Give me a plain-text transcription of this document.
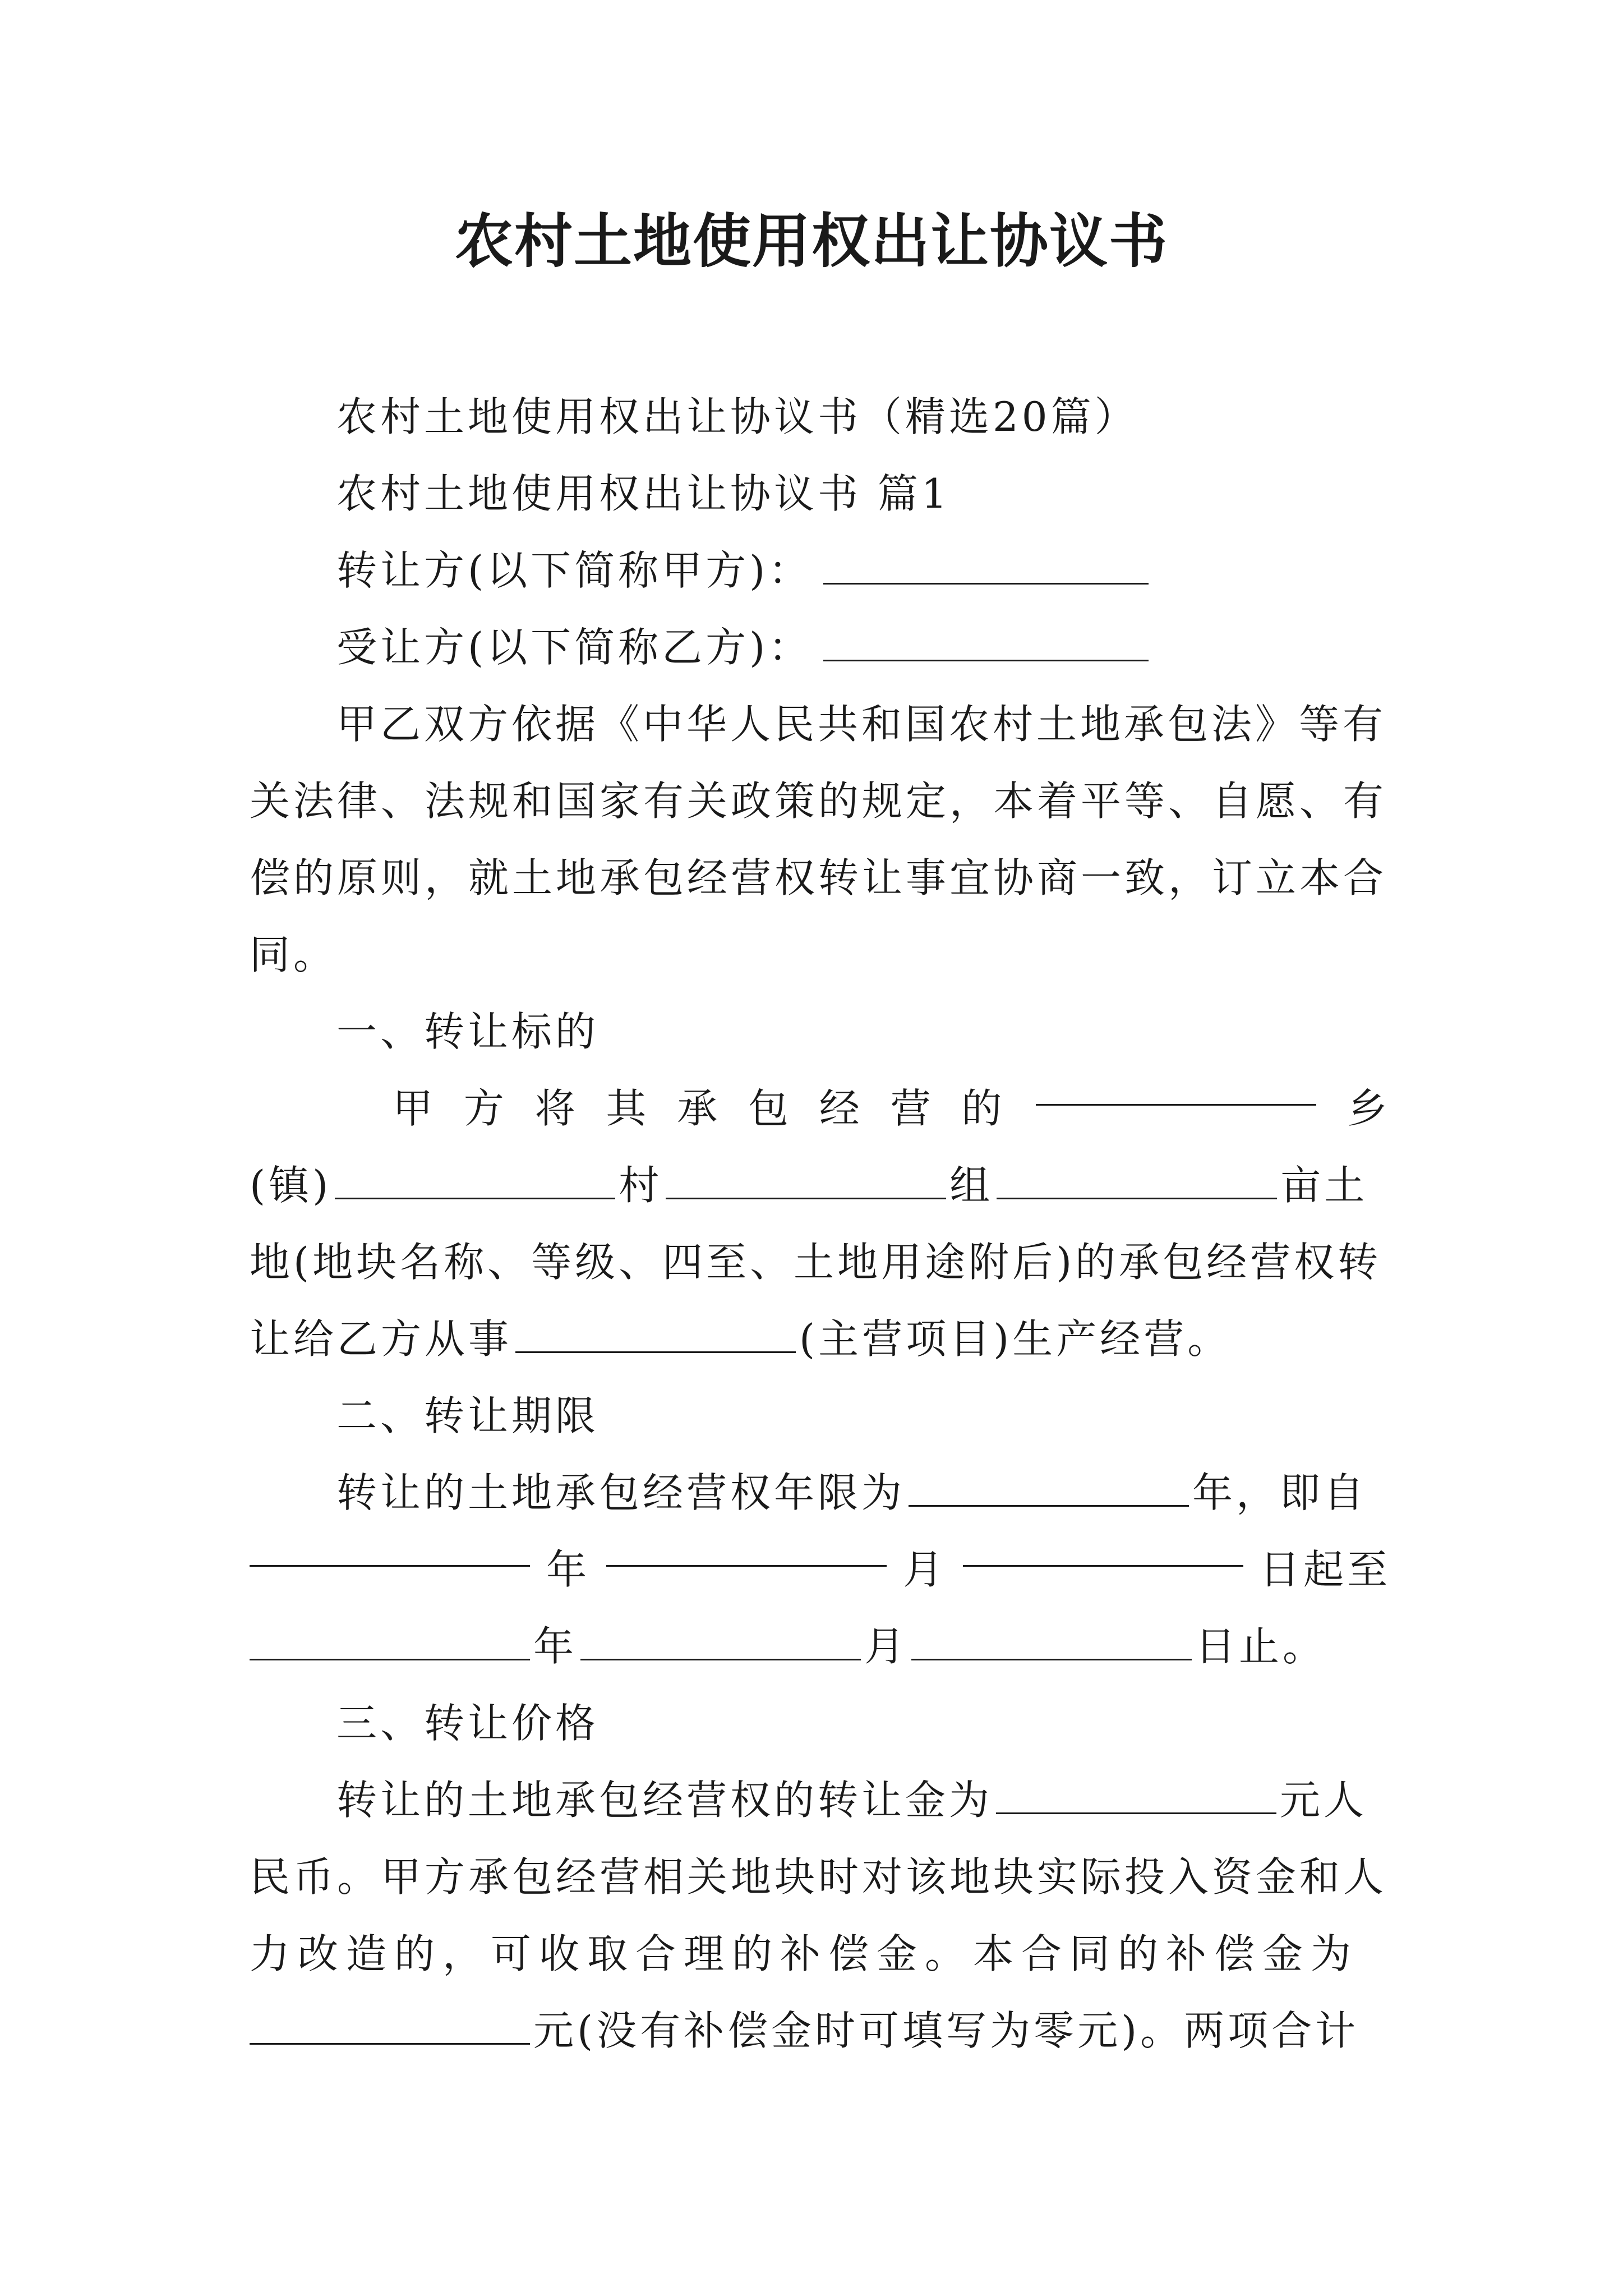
农村土地使用权出让协议书
农村土地使用权出让协议书（精选20篇）
农村土地使用权出让协议书 篇1
转让方(以下简称甲方)：
受让方(以下简称乙方)：
甲乙双方依据《中华人民共和国农村土地承包法》等有
关法律、法规和国家有关政策的规定，本着平等、自愿、有
偿的原则，就土地承包经营权转让事宜协商一致，订立本合
同。
一、转让标的
甲 方 将 其 承 包 经 营 的	乡
(镇)	村	组	亩土
地(地块名称、等级、四至、土地用途附后)的承包经营权转
让给乙方从事	(主营项目)生产经营。
二、转让期限
转让的土地承包经营权年限为	年，即自
年	月	日起至
年	月	日止。
三、转让价格
转让的土地承包经营权的转让金为	元人
民币。甲方承包经营相关地块时对该地块实际投入资金和人
力改造的，可收取合理的补偿金。本合同的补偿金为
元(没有补偿金时可填写为零元)。两项合计
